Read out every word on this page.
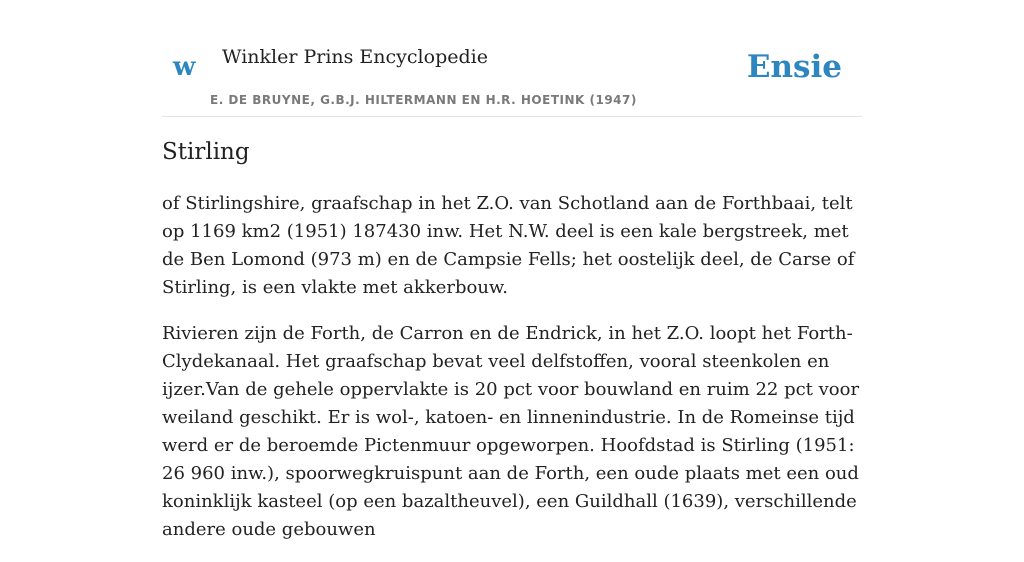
w Winkler Prins Encyclopedie
E. DE BRUYNE, G.B.J. HILTERMANN EN H.R. HOETINK (1947)
Ensie
Stirling

of Stirlingshire, graafschap in het Z.O. van Schotland aan de Forthbaai, telt op 1169 km2 (1951) 187430 inw. Het N.W. deel is een kale bergstreek, met de Ben Lomond (973 m) en de Campsie Fells; het oostelijk deel, de Carse of Stirling, is een vlakte met akkerbouw.

Rivieren zijn de Forth, de Carron en de Endrick, in het Z.O. loopt het Forth-Clydekanaal. Het graafschap bevat veel delfstoffen, vooral steenkolen en ijzer.Van de gehele oppervlakte is 20 pct voor bouwland en ruim 22 pct voor weiland geschikt. Er is wol-, katoen- en linnenindustrie. In de Romeinse tijd werd er de beroemde Pictenmuur opgeworpen. Hoofdstad is Stirling (1951: 26 960 inw.), spoorwegkruispunt aan de Forth, een oude plaats met een oud koninklijk kasteel (op een bazaltheuvel), een Guildhall (1639), verschillende andere oude gebouwen
